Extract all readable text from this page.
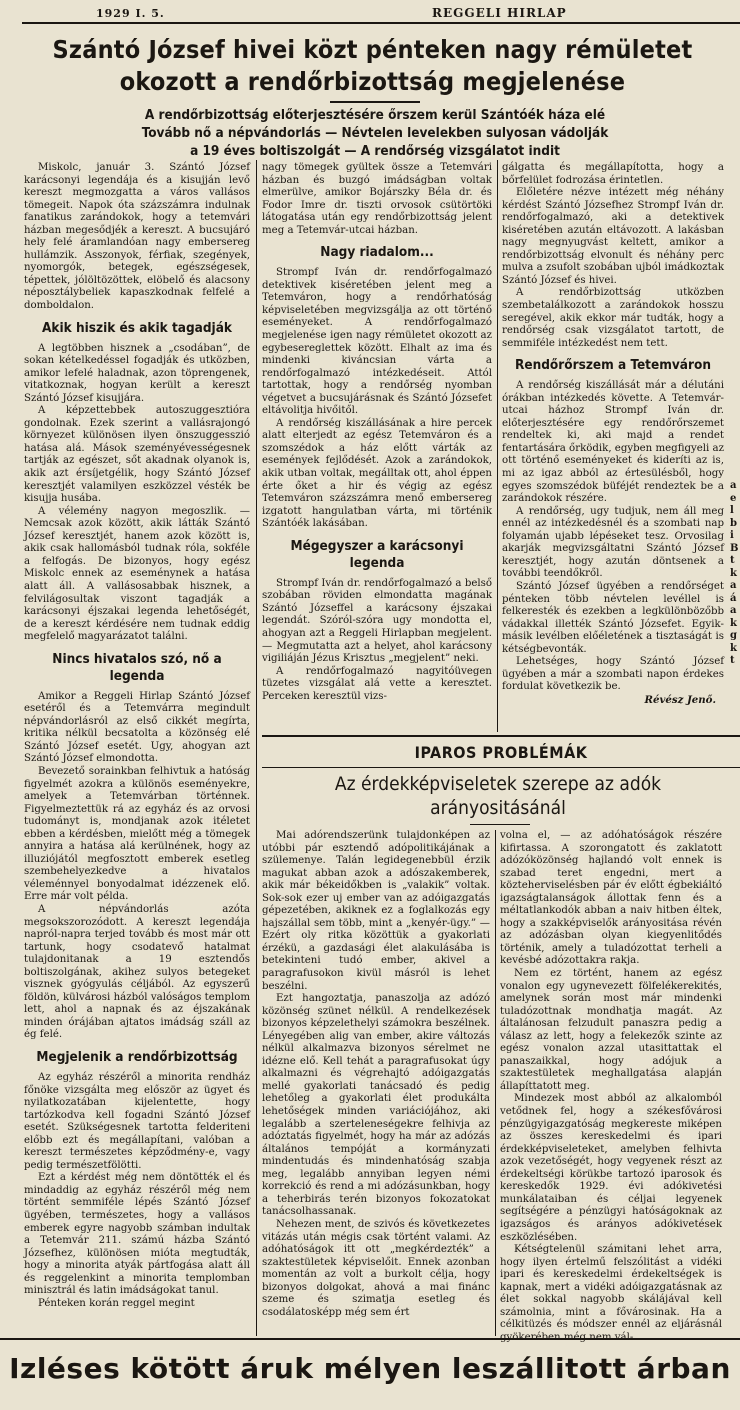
1929 I. 5.	REGGELI HIRLAP
Szántó József hivei közt pénteken nagy rémületet okozott a rendőrbizottság megjelenése
A rendőrbizottság előterjesztésére őrszem kerül Szántóék háza elé
Tovább nő a népvándorlás — Névtelen levelekben sulyosan vádolják
a 19 éves boltiszolgát — A rendőrség vizsgálatot indit

Miskolc, január 3. Szántó József karácsonyi legendája és a kisujján levő kereszt megmozgatta a város vallásos tömegeit. Napok óta százszámra indulnak fanatikus zarándokok, hogy a tetemvári házban megesődjék a kereszt. A bucsujáró hely felé áramlandóan nagy embersereg hullámzik. Asszonyok, férfiak, szegények, nyomorgók, betegek, egészségesek, tépettek, jólöltözöttek, elöbelő és alacsony néposztálybeliek kapaszkodnak felfelé a domboldalon.

Akik hiszik és akik tagadják

A legtöbben hisznek a „csodában”, de sokan kételkedéssel fogadják és utközben, amikor lefelé haladnak, azon töprengenek, vitatkoznak, hogyan került a kereszt Szántó József kisujjára.

A képzettebbek autoszuggesztióra gondolnak. Ezek szerint a vallásrajongó környezet különösen ilyen önszuggesszió hatása alá. Mások szeményévességesnek tartják az egészet, sőt akadnak olyanok is, akik azt érsíjetgélik, hogy Szántó József keresztjét valamilyen eszközzel vésték be kisujja husába.

A vélemény nagyon megoszlik. — Nemcsak azok között, akik látták Szántó József keresztjét, hanem azok között is, akik csak hallomásból tudnak róla, sokféle a felfogás. De bizonyos, hogy egész Miskolc ennek az eseménynek a hatása alatt áll. A vallásosabbak hisznek, a felvilágosultak viszont tagadják a karácsonyi éjszakai legenda lehetőségét, de a kereszt kérdésére nem tudnak eddig megfelelő magyarázatot találni.

Nincs hivatalos szó, nő a legenda

Amikor a Reggeli Hirlap Szántó József esetéről és a Tetemvárra megindult népvándorlásról az első cikkét megírta, kritika nélkül becsatolta a közönség elé Szántó József esetét. Ugy, ahogyan azt Szántó József elmondotta.

Bevezető sorainkban felhivtuk a hatóság figyelmét azokra a különös eseményekre, amelyek a Tetemvárban történnek. Figyelmeztettük rá az egyház és az orvosi tudományt is, mondjanak azok itéletet ebben a kérdésben, mielőtt még a tömegek annyira a hatása alá kerülnének, hogy az illuziójától megfosztott emberek esetleg szembehelyezkedve a hivatalos véleménnyel bonyodalmat idézzenek elő. Erre már volt példa.

A népvándorlás azóta megsokszorozódott. A kereszt legendája napról-napra terjed tovább és most már ott tartunk, hogy csodatevő hatalmat tulajdonitanak a 19 esztendős boltiszolgának, akihez sulyos betegeket visznek gyógyulás céljából. Az egyszerű földön, külvárosi házból valóságos templom lett, ahol a napnak és az éjszakának minden órájában ajtatos imádság száll az ég felé.

Megjelenik a rendőrbizottság

Az egyház részéről a minorita rendház főnöke vizsgálta meg először az ügyet és nyilatkozatában kijelentette, hogy tartózkodva kell fogadni Szántó József esetét. Szükségesnek tartotta felderiteni előbb ezt és megállapítani, valóban a kereszt természetes képződmény-e, vagy pedig természetfölötti.

Ezt a kérdést még nem döntötték el és mindaddig az egyház részéről még nem történt semmiféle lépés Szántó József ügyében, természetes, hogy a vallásos emberek egyre nagyobb számban indultak a Tetemvár 211. számú házba Szántó Józsefhez, különösen mióta megtudták, hogy a minorita atyák pártfogása alatt áll és reggelenkint a minorita templomban minisztrál és latin imádságokat tanul.

Pénteken korán reggel megint

nagy tömegek gyültek össze a Tetemvári házban és buzgó imádságban voltak elmerülve, amikor Bojárszky Béla dr. és Fodor Imre dr. tiszti orvosok csütörtöki látogatása után egy rendőrbizottság jelent meg a Tetemvár-utcai házban.

Nagy riadalom...

Strompf Iván dr. rendőrfogalmazó detektivek kiséretében jelent meg a Tetemváron, hogy a rendőrhatóság képviseletében megvizsgálja az ott történő eseményeket. A rendőrfogalmazó megjelenése igen nagy rémületet okozott az egybesereglettek között. Elhalt az ima és mindenki kiváncsian várta a rendőrfogalmazó intézkedéseit. Attól tartottak, hogy a rendőrség nyomban végetvet a bucsujárásnak és Szántó Józsefet eltávolitja hivőitől.

A rendőrség kiszállásának a hire percek alatt elterjedt az egész Tetemváron és a szomszédok a ház előtt várták az események fejlődését. Azok a zarándokok, akik utban voltak, megálltak ott, ahol éppen érte őket a hir és végig az egész Tetemváron százszámra menő embersereg izgatott hangulatban várta, mi történik Szántóék lakásában.

Mégegyszer a karácsonyi legenda

Strompf Iván dr. rendőrfogalmazó a belső szobában röviden elmondatta magának Szántó Józseffel a karácsony éjszakai legendát. Szóról-szóra ugy mondotta el, ahogyan azt a Reggeli Hirlapban megjelent. — Megmutatta azt a helyet, ahol karácsony vigiliáján Jézus Krisztus „megjelent” neki.

A rendőrfogalmazó nagyitóüvegen tüzetes vizsgálat alá vette a keresztet. Perceken keresztül vizs-

gálgatta és megállapította, hogy a bőrfelület fodrozása érintetlen.

Előletére nézve intézett még néhány kérdést Szántó Józsefhez Strompf Iván dr. rendőrfogalmazó, aki a detektivek kiséretében azután eltávozott. A lakásban nagy megnyugvást keltett, amikor a rendőrbizottság elvonult és néhány perc mulva a zsufolt szobában ujból imádkoztak Szántó József és hivei.

A rendőrbizottság utközben szembetalálkozott a zarándokok hosszu seregével, akik ekkor már tudták, hogy a rendőrség csak vizsgálatot tartott, de semmiféle intézkedést nem tett.

Rendőrőrszem a Tetemváron

A rendőrség kiszállását már a délutáni órákban intézkedés követte. A Tetemvár-utcai házhoz Strompf Iván dr. előterjesztésére egy rendőrőrszemet rendeltek ki, aki majd a rendet fentartására őrködik, egyben megfigyeli az ott történő eseményeket és kideríti az is, mi az igaz abból az értesülésből, hogy egyes szomszédok büféjét rendeztek be a zarándokok részére.

A rendőrség, ugy tudjuk, nem áll meg ennél az intézkedésnél és a szombati nap folyamán ujabb lépéseket tesz. Orvosilag akarják megvizsgáltatni Szántó József keresztjét, hogy azután döntsenek a további teendőkről.

Szántó József ügyében a rendőrséget pénteken több névtelen levéllel is felkeresték és ezekben a legkülönbözőbb vádakkal illették Szántó Józsefet. Egyik-másik levélben előéletének a tisztaságát is kétségbevonták.

Lehetséges, hogy Szántó József ügyében a már a szombati napon érdekes fordulat következik be.

Révész Jenő.

a
e
l
b
i
B
t
k
a
á
a
k
g
k
t
IPAROS PROBLÉMÁK
Az érdekképviseletek szerepe az adók arányositásánál

Mai adórendszerünk tulajdonképen az utóbbi pár esztendő adópolitikájának a szülemenye. Talán legidegenebbül érzik magukat abban azok a adószakemberek, akik már békeidőkben is „valakik” voltak. Sok-sok ezer uj ember van az adóigazgatás gépezetében, akiknek ez a foglalkozás egy hajszállal sem több, mint a „kenyér-ügy.” — Ezért oly ritka közöttük a gyakorlati érzékü, a gazdasági élet alakulásába is betekinteni tudó ember, akivel a paragrafusokon kivül másról is lehet beszélni.

Ezt hangoztatja, panaszolja az adózó közönség szünet nélkül. A rendelkezések bizonyos képzelethelyi számokra beszélnek. Lényegében alig van ember, akire változás nélkül alkalmazva bizonyos sérelmet ne idézne elő. Kell tehát a paragrafusokat úgy alkalmazni és végrehajtó adóigazgatás mellé gyakorlati tanácsadó és pedig lehetőleg a gyakorlati élet produkálta lehetőségek minden variációjához, aki legalább a szerteleneségekre felhivja az adóztatás figyelmét, hogy ha már az adózás általános tempóját a kormányzati mindentudás és mindenhatóság szabja meg, legalább annyiban legyen némi korrekció és rend a mi adózásunkban, hogy a teherbirás terén bizonyos fokozatokat tanácsolhassanak.

Nehezen ment, de szivós és következetes vitázás után mégis csak történt valami. Az adóhatóságok itt ott „megkérdezték” a szaktestületek képviselőit. Ennek azonban momentán az volt a burkolt célja, hogy bizonyos dolgokat, ahová a mai finánc szeme és szimatja esetleg és csodálatosképp még sem ért

volna el, — az adóhatóságok részére kifirtassa. A szorongatott és zaklatott adózóközönség hajlandó volt ennek is szabad teret engedni, mert a közteherviselésben pár év előtt égbekiáltó igazságtalanságok állottak fenn és a méltatlankodók abban a naiv hitben éltek, hogy a szakképviselők arányositása révén az adózásban olyan kiegyenlitődés történik, amely a tuladózottat terheli a kevésbé adózottakra rakja.

Nem ez történt, hanem az egész vonalon egy ugynevezett fölfelékerekités, amelynek során most már mindenki tuladózottnak mondhatja magát. Az általánosan felzudult panaszra pedig a válasz az lett, hogy a felekezők szinte az egész vonalon azzal utasittattak el panaszaikkal, hogy adójuk a szaktestületek meghallgatása alapján állapíttatott meg.

Mindezek most abból az alkalomból vetődnek fel, hogy a székesfővárosi pénzügyigazgatóság megkereste miképen az összes kereskedelmi és ipari érdekképviseleteket, amelyben felhivta azok vezetőségét, hogy vegyenek részt az érdekeltségi körükbe tartozó iparosok és kereskedők 1929. évi adókivetési munkálataiban és céljai legyenek segítségére a pénzügyi hatóságoknak az igazságos és arányos adókivetések eszközlésében.

Kétségtelenül számitani lehet arra, hogy ilyen értelmű felszólitást a vidéki ipari és kereskedelmi érdekeltségek is kapnak, mert a vidéki adóigazgatásnak az élet sokkal nagyobb skálájával kell számolnia, mint a fővárosinak. Ha a célkitüzés és módszer ennél az eljárásnál

Izléses kötött áruk mélyen leszállitott árban
